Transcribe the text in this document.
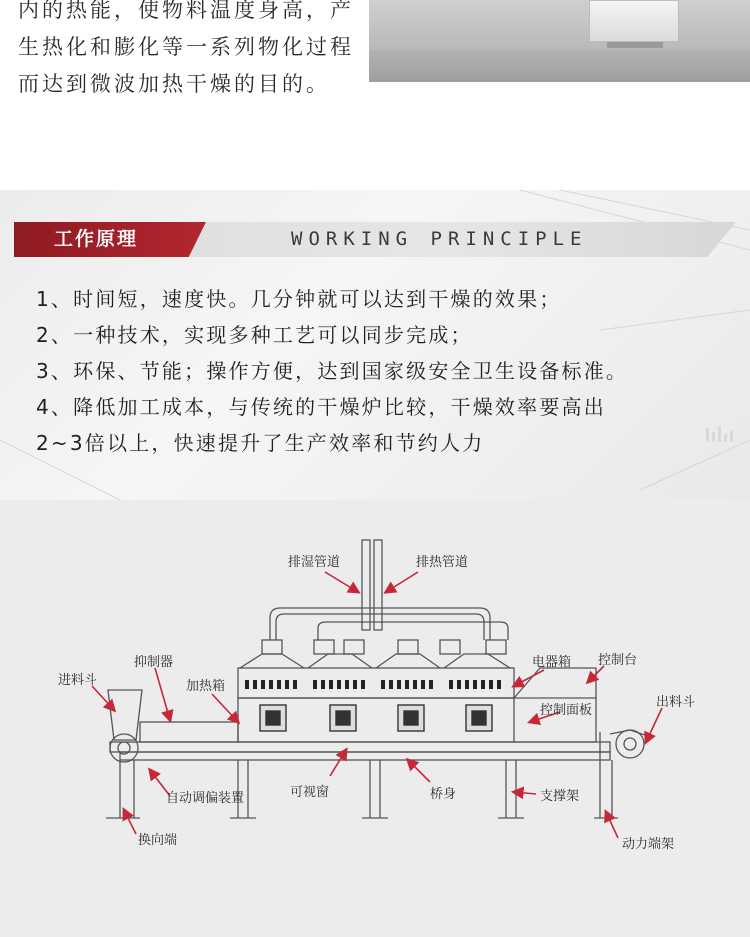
内的热能，使物料温度身高，产
生热化和膨化等一系列物化过程
而达到微波加热干燥的目的。
工作原理	WORKING PRINCIPLE
1、时间短，速度快。几分钟就可以达到干燥的效果；
2、一种技术，实现多种工艺可以同步完成；
3、环保、节能；操作方便，达到国家级安全卫生设备标准。
4、降低加工成本，与传统的干燥炉比较，干燥效率要高出
2~3倍以上，快速提升了生产效率和节约人力
排湿管道	排热管道
抑制器
进料斗	加热箱
电器箱 控制台
控制面板
出料斗
自动调偏装置	可视窗	桥身	支撑架
换向端	动力端架
